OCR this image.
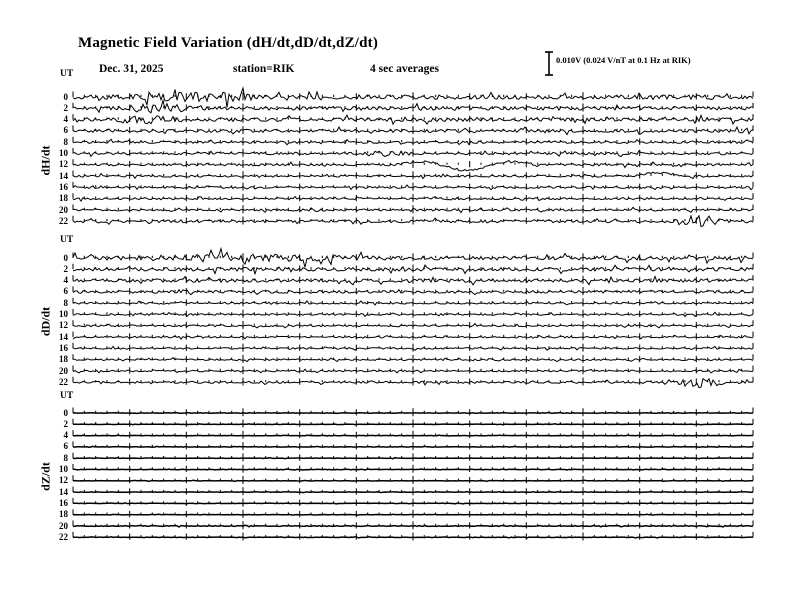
Magnetic Field Variation (dH/dt,dD/dt,dZ/dt)
Dec. 31, 2025	station=RIK	4 sec averages
0.010V (0.024 V/nT at 0.1 Hz at RIK)
UT
UT
UT
dH/dt
dD/dt
dZ/dt
0
2
4
6
8
10
12
14
16
18
20
22
0
2
4
6
8
10
12
14
16
18
20
22
0
2
4
6
8
10
12
14
16
18
20
22
